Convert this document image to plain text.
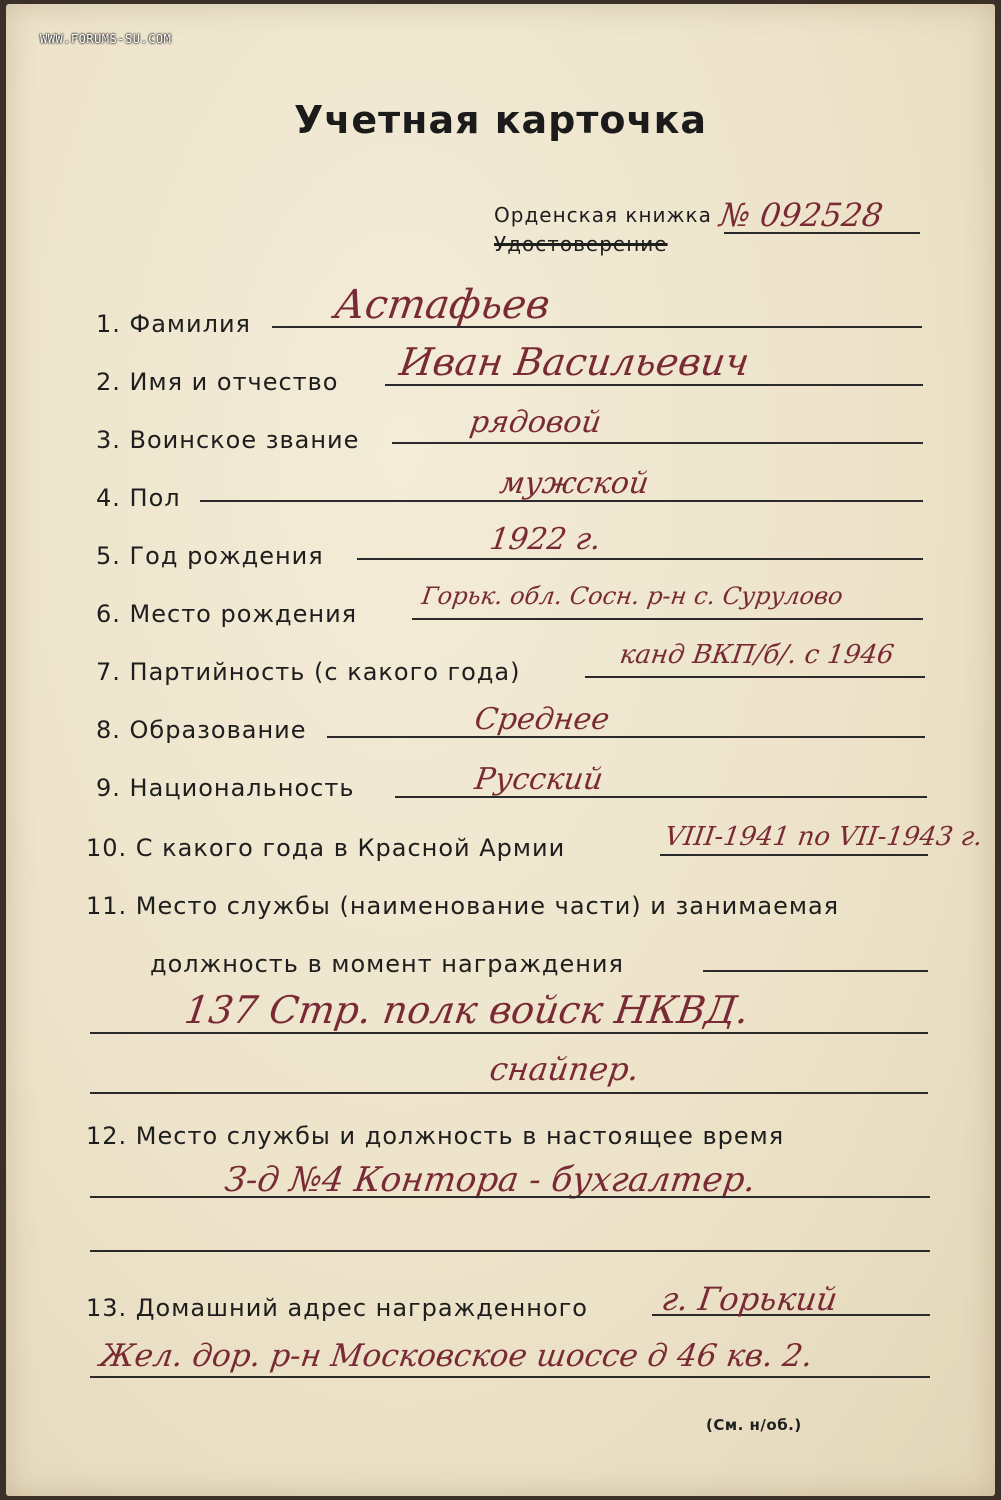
WWW.FORUMS-SU.COM
Учетная карточка
Орденская книжка
Удостоверение
№ 092528
1. Фамилия Астафьев
2. Имя и отчество Иван Васильевич
3. Воинское звание	рядовой
4. Пол	мужской
5. Год рождения	1922 г.
6. Место рождения
Горьк. обл. Сосн. р-н с. Сурулово
7. Партийность (с какого года)
канд ВКП/б/. с 1946
8. Образование	Среднее
9. Национальность	Русский
10. С какого года в Красной Армии	VIII-1941 по VII-1943 г.
11. Место службы (наименование части) и занимаемая
должность в момент награждения
137 Стр. полк войск НКВД.
снайпер.
12. Место службы и должность в настоящее время
З-д №4 Контора - бухгалтер.
13. Домашний адрес награжденного г. Горький
Жел. дор. р-н Московское шоссе д 46 кв. 2.
(См. н/об.)
